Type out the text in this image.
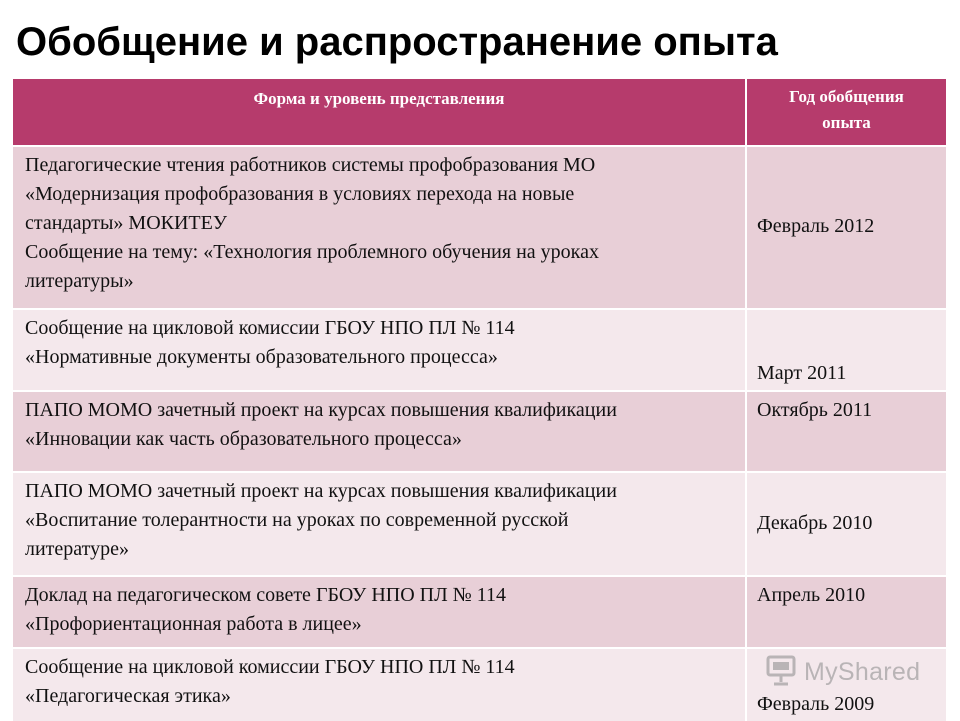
Обобщение и распространение опыта
Форма и уровень представления	Год обобщения
опыта

Педагогические чтения работников системы профобразования МО
«Модернизация профобразования в условиях перехода на новые
стандарты» МОКИТЕУ
Сообщение на тему: «Технология проблемного обучения на уроках
литературы»	Февраль 2012

Сообщение на цикловой комиссии ГБОУ НПО ПЛ № 114
«Нормативные документы образовательного процесса»	Март 2011

ПАПО МОМО зачетный проект на курсах повышения квалификации
«Инновации как часть образовательного процесса»	Октябрь 2011

ПАПО МОМО зачетный проект на курсах повышения квалификации
«Воспитание толерантности на уроках по современной русской
литературе»	Декабрь 2010

Доклад на педагогическом совете ГБОУ НПО ПЛ № 114
«Профориентационная работа в лицее»	Апрель 2010

Сообщение на цикловой комиссии ГБОУ НПО ПЛ № 114
«Педагогическая этика»	Февраль 2009
MyShared
